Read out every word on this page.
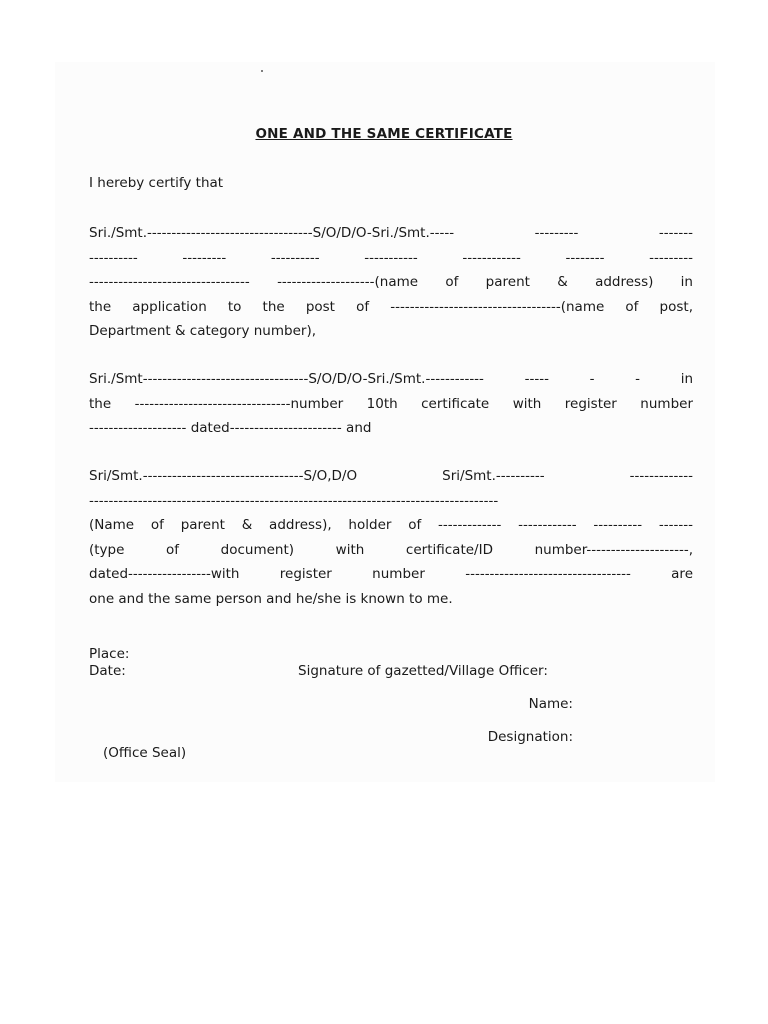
ONE AND THE SAME CERTIFICATE
I hereby certify that
Sri./Smt.----------------------------------S/O/D/O-Sri./Smt.----- --------- -------
---------- --------- ---------- ----------- ------------ -------- ---------
--------------------------------- --------------------(name of parent & address) in
the application to the post of -----------------------------------(name of post,
Department & category number),
Sri./Smt----------------------------------S/O/D/O-Sri./Smt.------------ ----- - - in
the --------------------------------number 10th certificate with register number
-------------------- dated----------------------- and
Sri/Smt.---------------------------------S/O,D/O Sri/Smt.---------- -------------
------------------------------------------------------------------------------------
(Name of parent & address), holder of ------------- ------------ ---------- -------
(type of document) with certificate/ID number---------------------,
dated-----------------with register number ---------------------------------- are
one and the same person and he/she is known to me.
Place:
Date:	Signature of gazetted/Village Officer:
Name:
Designation:
(Office Seal)
